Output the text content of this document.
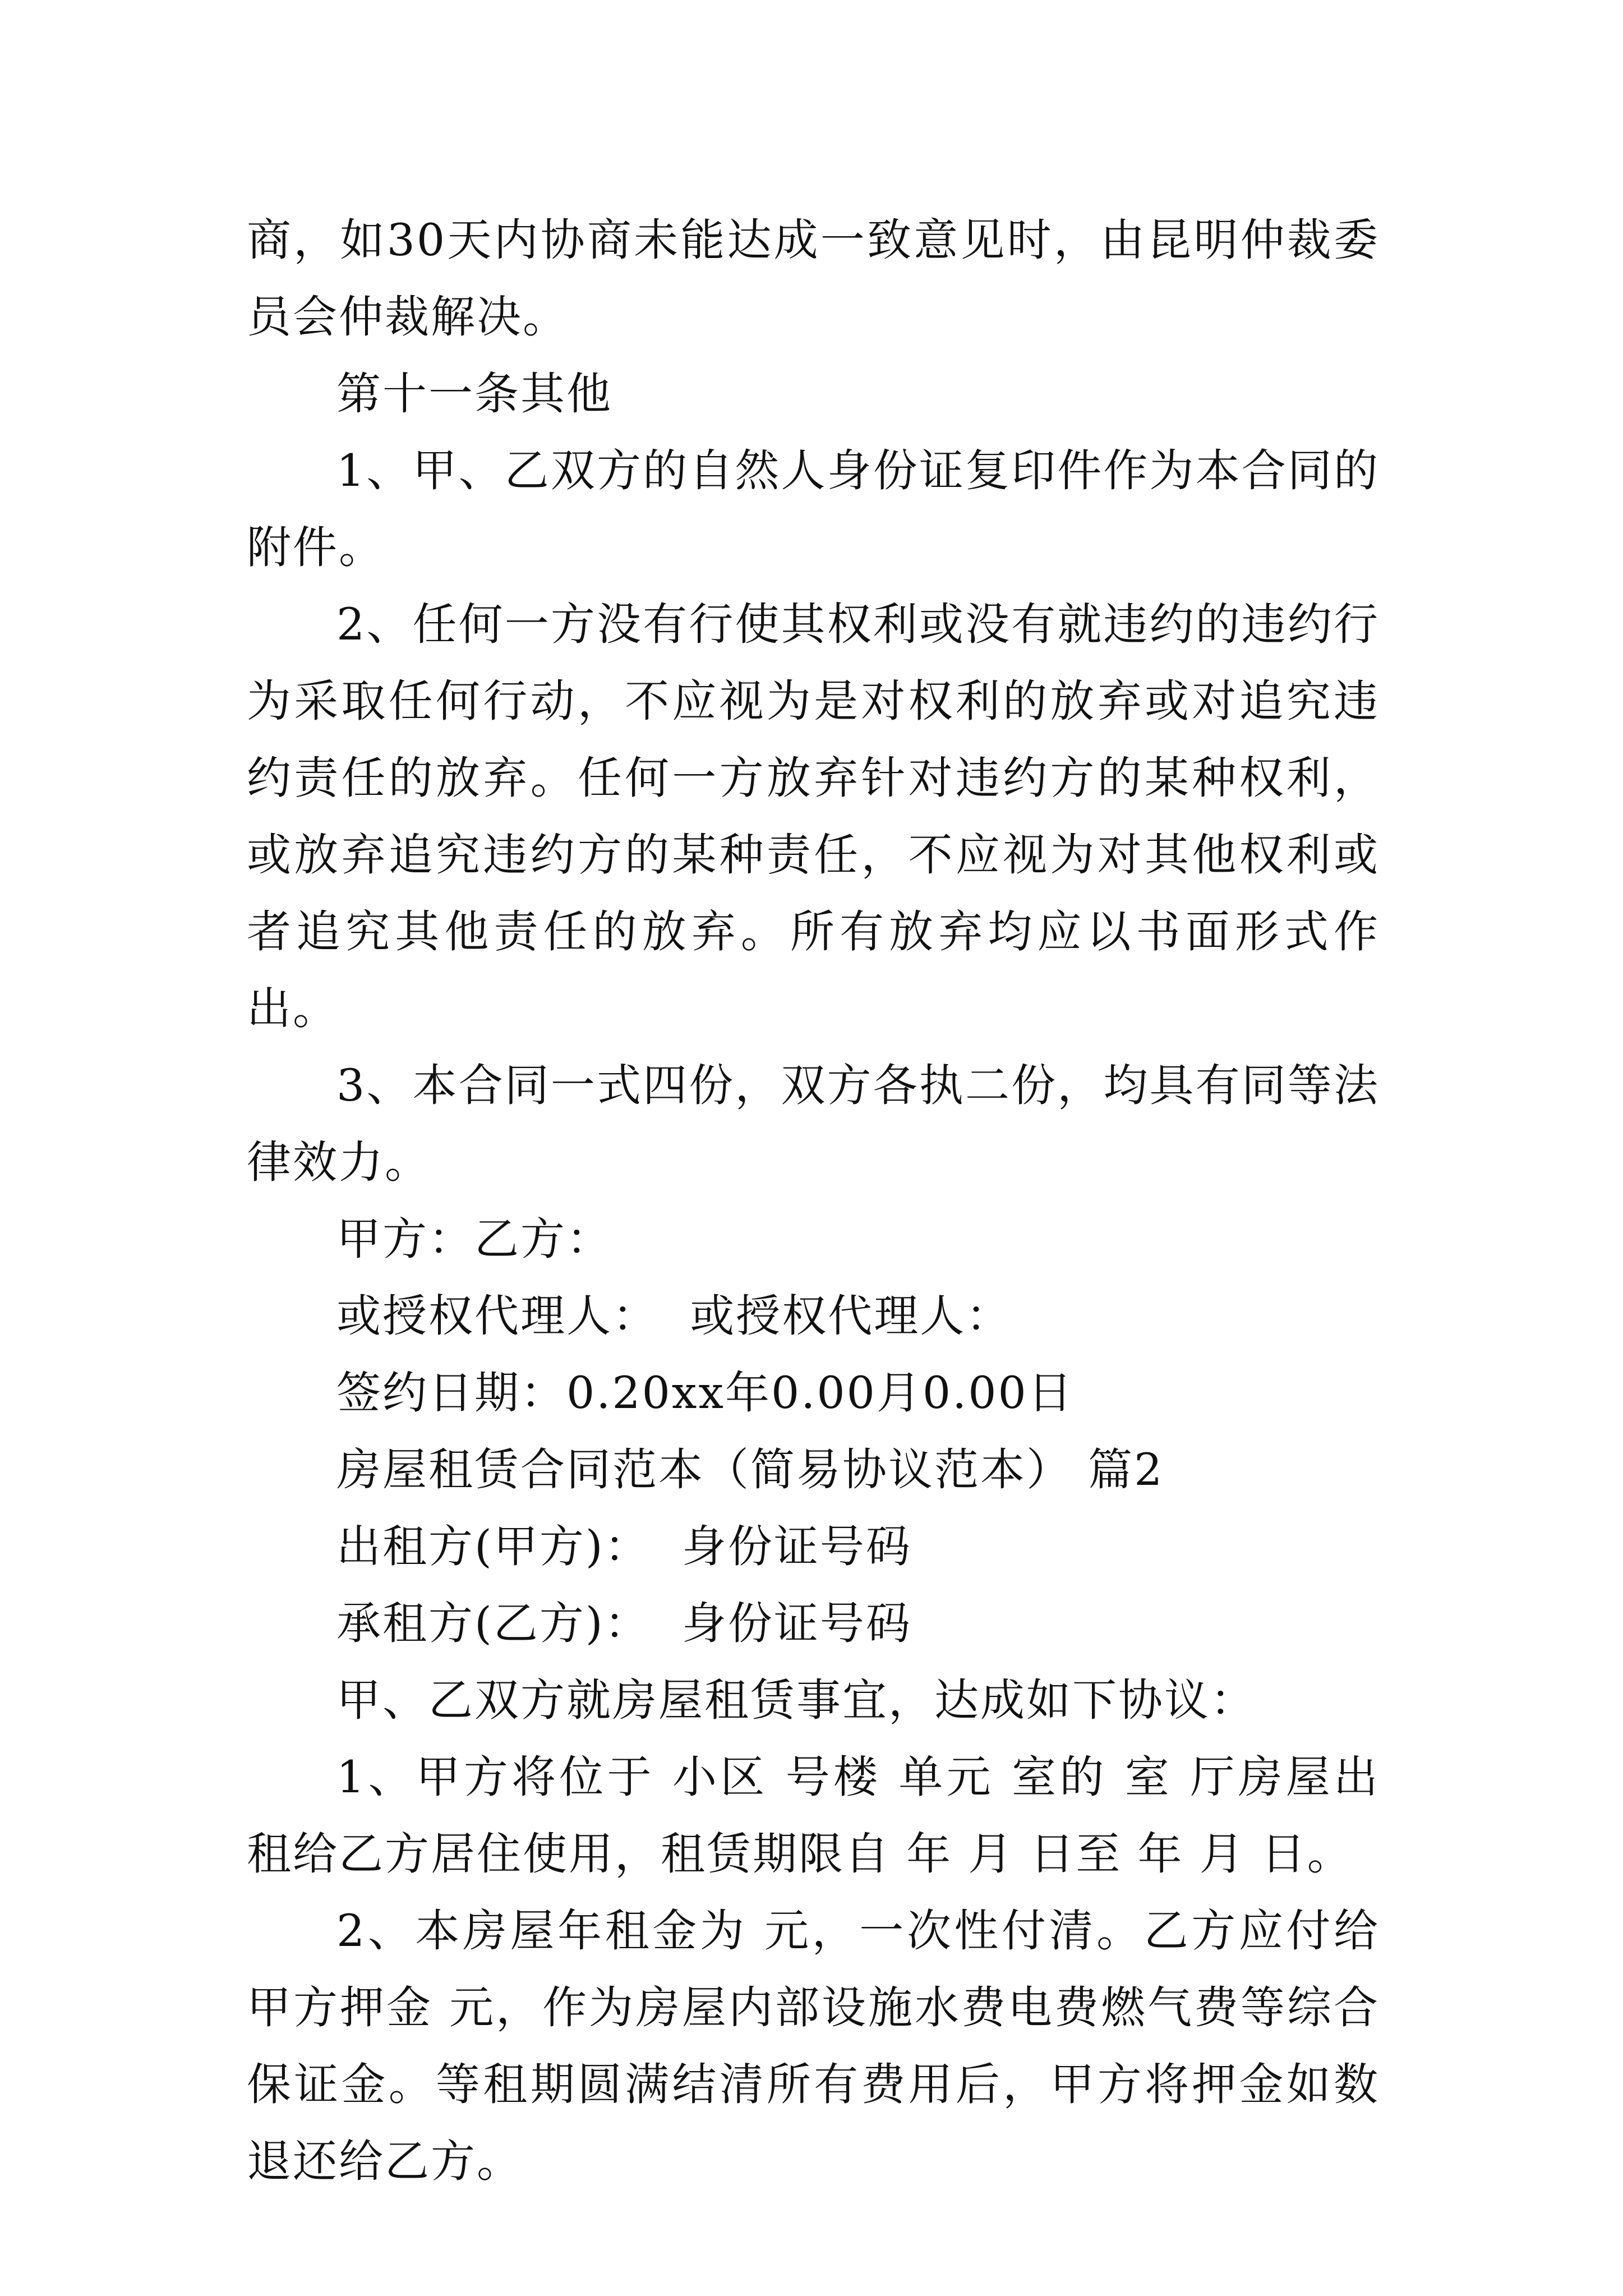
商，如30天内协商未能达成一致意见时，由昆明仲裁委员会仲裁解决。

第十一条其他

1、甲、乙双方的自然人身份证复印件作为本合同的附件。

2、任何一方没有行使其权利或没有就违约的违约行为采取任何行动，不应视为是对权利的放弃或对追究违约责任的放弃。任何一方放弃针对违约方的某种权利，或放弃追究违约方的某种责任，不应视为对其他权利或者追究其他责任的放弃。所有放弃均应以书面形式作出。

3、本合同一式四份，双方各执二份，均具有同等法律效力。

甲方：乙方：

或授权代理人：  或授权代理人：

签约日期：0.20xx年0.00月0.00日

房屋租赁合同范本（简易协议范本） 篇2

出租方(甲方)：  身份证号码

承租方(乙方)：  身份证号码

甲、乙双方就房屋租赁事宜，达成如下协议：

1、甲方将位于 小区 号楼 单元 室的 室 厅房屋出租给乙方居住使用，租赁期限自 年 月 日至 年 月 日。

2、本房屋年租金为 元，一次性付清。乙方应付给甲方押金 元，作为房屋内部设施水费电费燃气费等综合保证金。等租期圆满结清所有费用后，甲方将押金如数退还给乙方。
